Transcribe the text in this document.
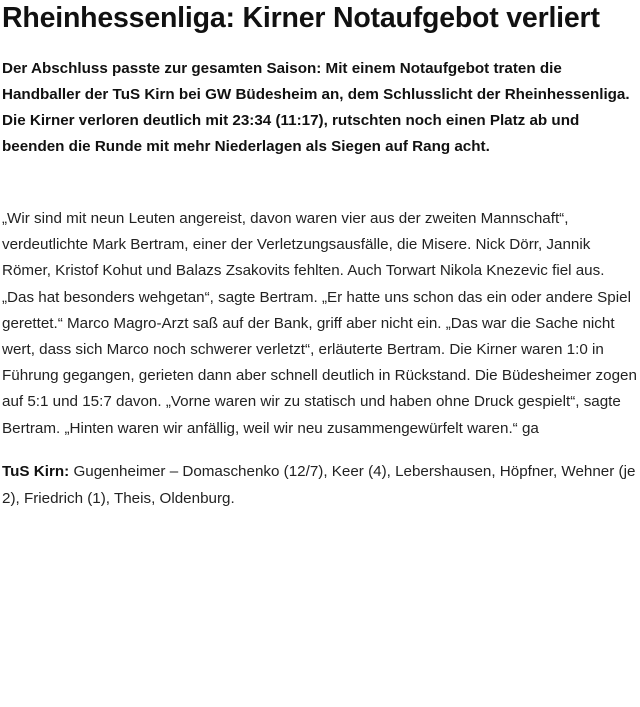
Rheinhessenliga: Kirner Notaufgebot verliert

Der Abschluss passte zur gesamten Saison: Mit einem Notaufgebot traten die Handballer der TuS Kirn bei GW Büdesheim an, dem Schlusslicht der Rheinhessenliga. Die Kirner verloren deutlich mit 23:34 (11:17), rutschten noch einen Platz ab und beenden die Runde mit mehr Niederlagen als Siegen auf Rang acht.

„Wir sind mit neun Leuten angereist, davon waren vier aus der zweiten Mannschaft“, verdeutlichte Mark Bertram, einer der Verletzungsausfälle, die Misere. Nick Dörr, Jannik Römer, Kristof Kohut und Balazs Zsakovits fehlten. Auch Torwart Nikola Knezevic fiel aus. „Das hat besonders wehgetan“, sagte Bertram. „Er hatte uns schon das ein oder andere Spiel gerettet.“ Marco Magro-Arzt saß auf der Bank, griff aber nicht ein. „Das war die Sache nicht wert, dass sich Marco noch schwerer verletzt“, erläuterte Bertram. Die Kirner waren 1:0 in Führung gegangen, gerieten dann aber schnell deutlich in Rückstand. Die Büdesheimer zogen auf 5:1 und 15:7 davon. „Vorne waren wir zu statisch und haben ohne Druck gespielt“, sagte Bertram. „Hinten waren wir anfällig, weil wir neu zusammengewürfelt waren.“ ga

TuS Kirn: Gugenheimer – Domaschenko (12/7), Keer (4), Lebershausen, Höpfner, Wehner (je 2), Friedrich (1), Theis, Oldenburg.
